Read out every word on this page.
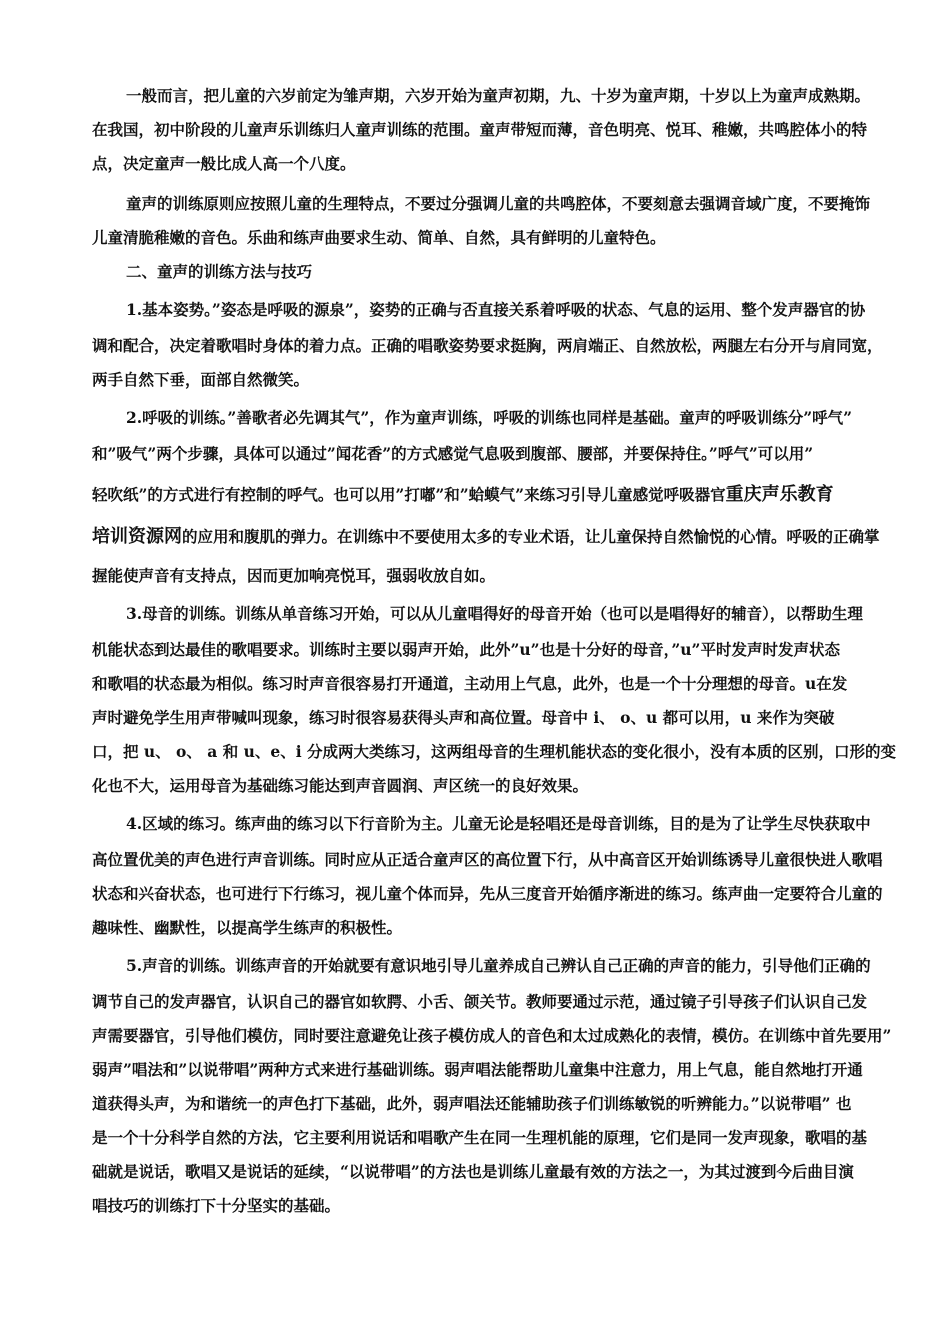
一般而言，把儿童的六岁前定为雏声期，六岁开始为童声初期，九、十岁为童声期，十岁以上为童声成熟期。
在我国，初中阶段的儿童声乐训练归人童声训练的范围。童声带短而薄，音色明亮、悦耳、稚嫩，共鸣腔体小的特
点，决定童声一般比成人高一个八度。
童声的训练原则应按照儿童的生理特点，不要过分强调儿童的共鸣腔体，不要刻意去强调音域广度，不要掩饰
儿童清脆稚嫩的音色。乐曲和练声曲要求生动、简单、自然，具有鲜明的儿童特色。
二、童声的训练方法与技巧
1.基本姿势。”姿态是呼吸的源泉”，姿势的正确与否直接关系着呼吸的状态、气息的运用、整个发声器官的协
调和配合，决定着歌唱时身体的着力点。正确的唱歌姿势要求挺胸，两肩端正、自然放松，两腿左右分开与肩同宽，
两手自然下垂，面部自然微笑。
2.呼吸的训练。”善歌者必先调其气”，作为童声训练，呼吸的训练也同样是基础。童声的呼吸训练分”呼气”
和”吸气”两个步骤，具体可以通过”闻花香”的方式感觉气息吸到腹部、腰部，并要保持住。”呼气”可以用”
轻吹纸”的方式进行有控制的呼气。也可以用”打嘟”和”蛤蟆气”来练习引导儿童感觉呼吸器官重庆声乐教育
培训资源网的应用和腹肌的弹力。在训练中不要使用太多的专业术语，让儿童保持自然愉悦的心情。呼吸的正确掌
握能使声音有支持点，因而更加响亮悦耳，强弱收放自如。
3.母音的训练。训练从单音练习开始，可以从儿童唱得好的母音开始（也可以是唱得好的辅音），以帮助生理
机能状态到达最佳的歌唱要求。训练时主要以弱声开始，此外”u”也是十分好的母音，”u”平时发声时发声状态
和歌唱的状态最为相似。练习时声音很容易打开通道，主动用上气息，此外，也是一个十分理想的母音。u在发
声时避免学生用声带喊叫现象，练习时很容易获得头声和高位置。母音中 i、 o、u 都可以用，u 来作为突破
口，把 u、 o、 a 和 u、e、i 分成两大类练习，这两组母音的生理机能状态的变化很小，没有本质的区别，口形的变
化也不大，运用母音为基础练习能达到声音圆润、声区统一的良好效果。
4.区域的练习。练声曲的练习以下行音阶为主。儿童无论是轻唱还是母音训练，目的是为了让学生尽快获取中
高位置优美的声色进行声音训练。同时应从正适合童声区的高位置下行，从中高音区开始训练诱导儿童很快进人歌唱
状态和兴奋状态，也可进行下行练习，视儿童个体而异，先从三度音开始循序渐进的练习。练声曲一定要符合儿童的
趣味性、幽默性，以提高学生练声的积极性。
5.声音的训练。训练声音的开始就要有意识地引导儿童养成自己辨认自己正确的声音的能力，引导他们正确的
调节自己的发声器官，认识自己的器官如软腭、小舌、颌关节。教师要通过示范，通过镜子引导孩子们认识自己发
声需要器官，引导他们模仿，同时要注意避免让孩子模仿成人的音色和太过成熟化的表情，模仿。在训练中首先要用”
弱声”唱法和”以说带唱”两种方式来进行基础训练。弱声唱法能帮助儿童集中注意力，用上气息，能自然地打开通
道获得头声，为和谐统一的声色打下基础，此外，弱声唱法还能辅助孩子们训练敏锐的听辨能力。”以说带唱” 也
是一个十分科学自然的方法，它主要利用说话和唱歌产生在同一生理机能的原理，它们是同一发声现象，歌唱的基
础就是说话，歌唱又是说话的延续，“以说带唱”的方法也是训练儿童最有效的方法之一，为其过渡到今后曲目演
唱技巧的训练打下十分坚实的基础。
